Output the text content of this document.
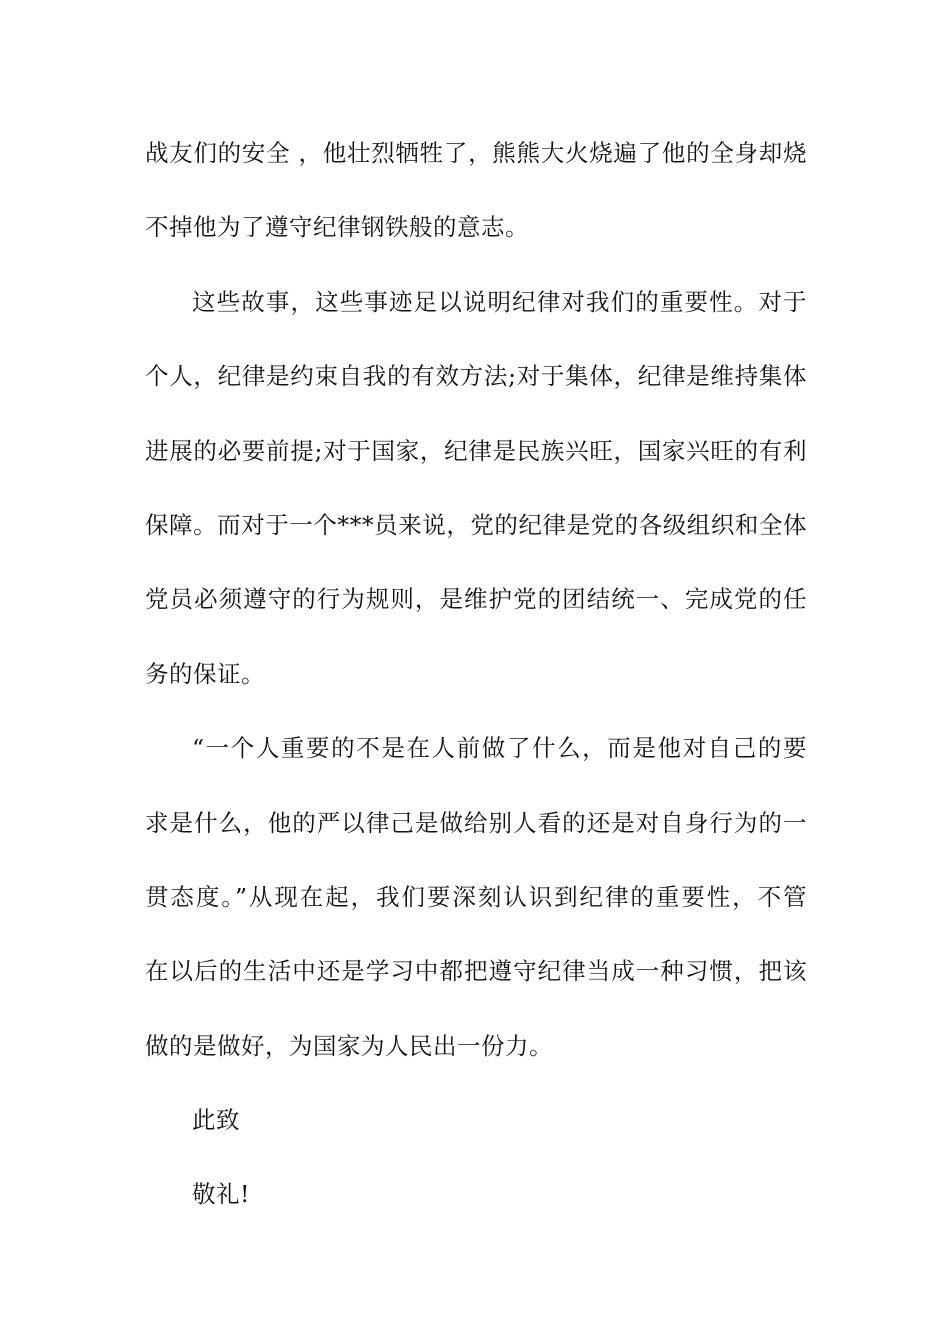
战友们的安全 ，他壮烈牺牲了，熊熊大火烧遍了他的全身却烧
不掉他为了遵守纪律钢铁般的意志。
这些故事，这些事迹足以说明纪律对我们的重要性。对于
个人，纪律是约束自我的有效方法;对于集体，纪律是维持集体
进展的必要前提;对于国家，纪律是民族兴旺，国家兴旺的有利
保障。而对于一个***员来说，党的纪律是党的各级组织和全体
党员必须遵守的行为规则，是维护党的团结统一、完成党的任
务的保证。
“一个人重要的不是在人前做了什么，而是他对自己的要
求是什么，他的严以律己是做给别人看的还是对自身行为的一
贯态度。”从现在起，我们要深刻认识到纪律的重要性，不管
在以后的生活中还是学习中都把遵守纪律当成一种习惯，把该
做的是做好，为国家为人民出一份力。
此致
敬礼!
